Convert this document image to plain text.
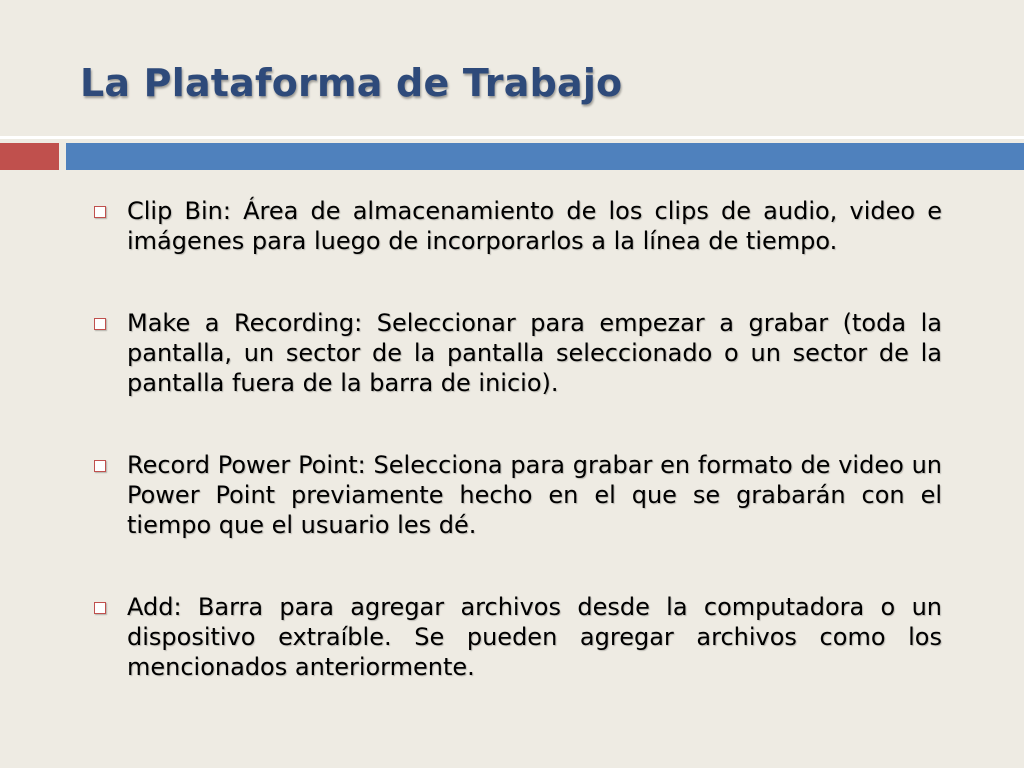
La Plataforma de Trabajo
Clip Bin: Área de almacenamiento de los clips de audio, video e imágenes para luego de incorporarlos a la línea de tiempo.
Make a Recording: Seleccionar para empezar a grabar (toda la pantalla, un sector de la pantalla seleccionado o un sector de la pantalla fuera de la barra de inicio).
Record Power Point: Selecciona para grabar en formato de video un Power Point previamente hecho en el que se grabarán con el tiempo que el usuario les dé.
Add: Barra para agregar archivos desde la computadora o un dispositivo extraíble. Se pueden agregar archivos como los mencionados anteriormente.
